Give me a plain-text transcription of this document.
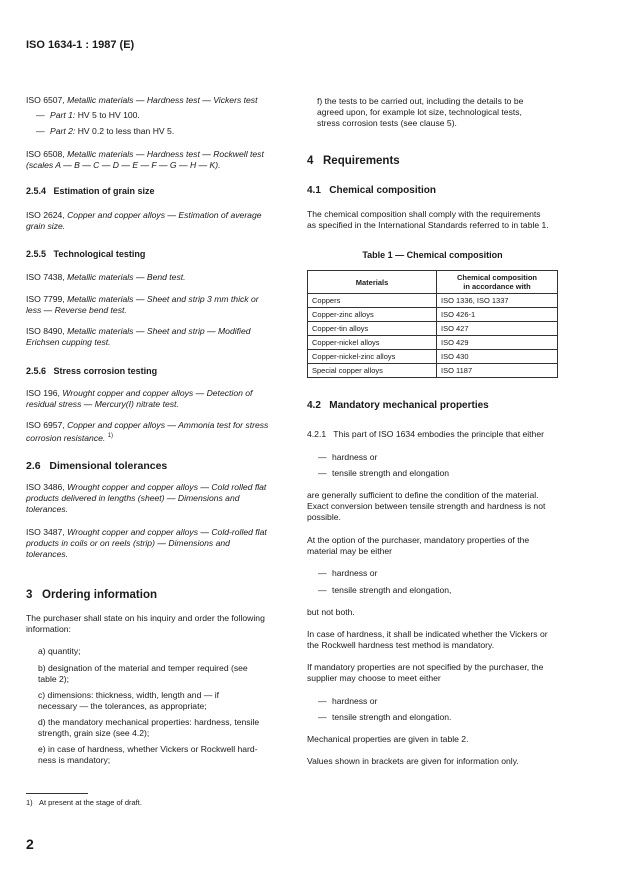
ISO 1634-1 : 1987 (E)
ISO 6507, Metallic materials — Hardness test — Vickers test
— Part 1: HV 5 to HV 100.
— Part 2: HV 0.2 to less than HV 5.
ISO 6508, Metallic materials — Hardness test — Rockwell test
(scales A — B — C — D — E — F — G — H — K).
2.5.4 Estimation of grain size
ISO 2624, Copper and copper alloys — Estimation of average
grain size.
2.5.5 Technological testing
ISO 7438, Metallic materials — Bend test.
ISO 7799, Metallic materials — Sheet and strip 3 mm thick or
less — Reverse bend test.
ISO 8490, Metallic materials — Sheet and strip — Modified
Erichsen cupping test.
2.5.6 Stress corrosion testing
ISO 196, Wrought copper and copper alloys — Detection of
residual stress — Mercury(I) nitrate test.
ISO 6957, Copper and copper alloys — Ammonia test for stress
corrosion resistance. $^{1)}$
2.6 Dimensional tolerances
ISO 3486, Wrought copper and copper alloys — Cold rolled flat
products delivered in lengths (sheet) — Dimensions and
tolerances.
ISO 3487, Wrought copper and copper alloys — Cold-rolled flat
products in coils or on reels (strip) — Dimensions and
tolerances.
3 Ordering information
The purchaser shall state on his inquiry and order the following
information:
a) quantity;
b) designation of the material and temper required (see
table 2);
c) dimensions: thickness, width, length and — if
necessary — the tolerances, as appropriate;
d) the mandatory mechanical properties: hardness, tensile
strength, grain size (see 4.2);
e) in case of hardness, whether Vickers or Rockwell hard-
ness is mandatory;
f) the tests to be carried out, including the details to be
agreed upon, for example lot size, technological tests,
stress corrosion tests (see clause 5).
4 Requirements
4.1 Chemical composition
The chemical composition shall comply with the requirements
as specified in the International Standards referred to in table 1.
Table 1 — Chemical composition
Materials	Chemical composition
in accordance with
Coppers	ISO 1336, ISO 1337
Copper-zinc alloys	ISO 426-1
Copper-tin alloys	ISO 427
Copper-nickel alloys	ISO 429
Copper-nickel-zinc alloys	ISO 430
Special copper alloys	ISO 1187
4.2 Mandatory mechanical properties
4.2.1 This part of ISO 1634 embodies the principle that either
— hardness or
— tensile strength and elongation
are generally sufficient to define the condition of the material.
Exact conversion between tensile strength and hardness is not
possible.
At the option of the purchaser, mandatory properties of the
material may be either
— hardness or
— tensile strength and elongation,
but not both.
In case of hardness, it shall be indicated whether the Vickers or
the Rockwell hardness test method is mandatory.
If mandatory properties are not specified by the purchaser, the
supplier may choose to meet either
— hardness or
— tensile strength and elongation.
Mechanical properties are given in table 2.
Values shown in brackets are given for information only.
1) At present at the stage of draft.
2
